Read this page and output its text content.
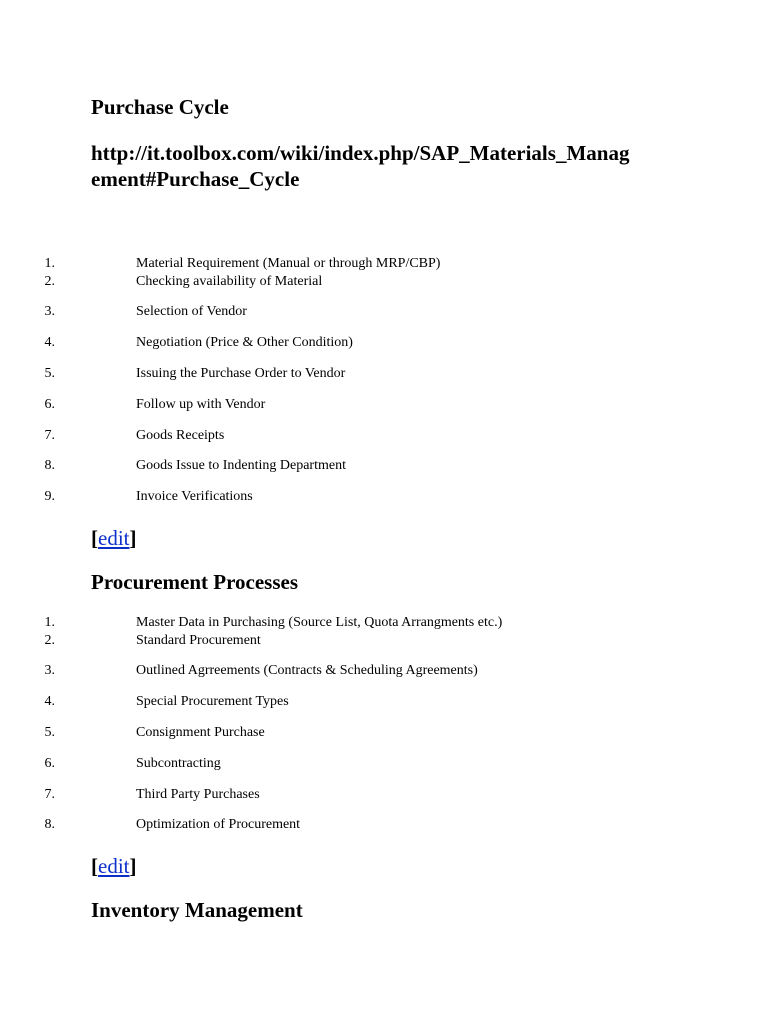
Purchase Cycle

http://it.toolbox.com/wiki/index.php/SAP_Materials_Manag

ement#Purchase_Cycle

1.	Material Requirement (Manual or through MRP/CBP)
2.	Checking availability of Material
3.	Selection of Vendor
4.	Negotiation (Price & Other Condition)
5.	Issuing the Purchase Order to Vendor
6.	Follow up with Vendor
7.	Goods Receipts
8.	Goods Issue to Indenting Department
9.	Invoice Verifications

[edit]

Procurement Processes
1.	Master Data in Purchasing (Source List, Quota Arrangments etc.)
2.	Standard Procurement
3.	Outlined Agrreements (Contracts & Scheduling Agreements)
4.	Special Procurement Types
5.	Consignment Purchase
6.	Subcontracting
7.	Third Party Purchases
8.	Optimization of Procurement

[edit]

Inventory Management
